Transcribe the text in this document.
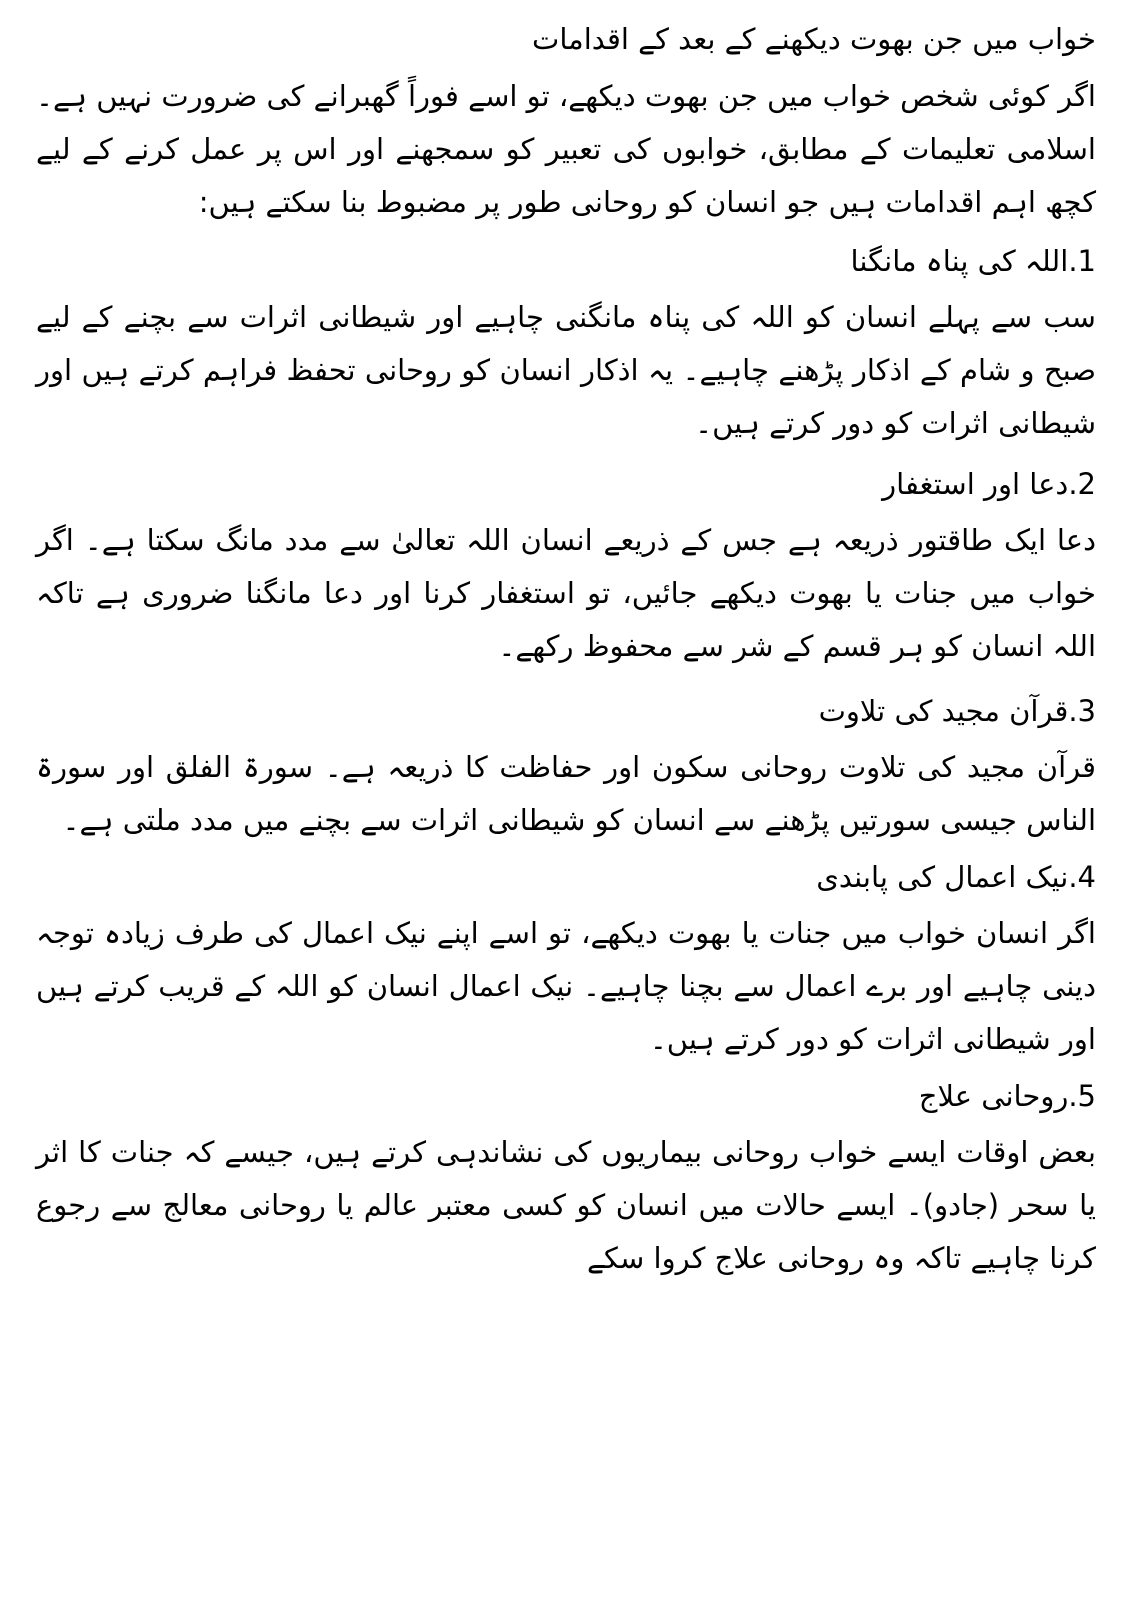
خواب میں جن بھوت دیکھنے کے بعد کے اقدامات

اگر کوئی شخص خواب میں جن بھوت دیکھے، تو اسے فوراً گھبرانے کی ضرورت نہیں ہے۔ اسلامی تعلیمات کے مطابق، خوابوں کی تعبیر کو سمجھنے اور اس پر عمل کرنے کے لیے کچھ اہم اقدامات ہیں جو انسان کو روحانی طور پر مضبوط بنا سکتے ہیں:

1.اللہ کی پناہ مانگنا

سب سے پہلے انسان کو اللہ کی پناہ مانگنی چاہیے اور شیطانی اثرات سے بچنے کے لیے صبح و شام کے اذکار پڑھنے چاہیے۔ یہ اذکار انسان کو روحانی تحفظ فراہم کرتے ہیں اور شیطانی اثرات کو دور کرتے ہیں۔

2.دعا اور استغفار

دعا ایک طاقتور ذریعہ ہے جس کے ذریعے انسان اللہ تعالیٰ سے مدد مانگ سکتا ہے۔ اگر خواب میں جنات یا بھوت دیکھے جائیں، تو استغفار کرنا اور دعا مانگنا ضروری ہے تاکہ اللہ انسان کو ہر قسم کے شر سے محفوظ رکھے۔

3.قرآن مجید کی تلاوت

قرآن مجید کی تلاوت روحانی سکون اور حفاظت کا ذریعہ ہے۔ سورۃ الفلق اور سورۃ الناس جیسی سورتیں پڑھنے سے انسان کو شیطانی اثرات سے بچنے میں مدد ملتی ہے۔

4.نیک اعمال کی پابندی

اگر انسان خواب میں جنات یا بھوت دیکھے، تو اسے اپنے نیک اعمال کی طرف زیادہ توجہ دینی چاہیے اور برے اعمال سے بچنا چاہیے۔ نیک اعمال انسان کو اللہ کے قریب کرتے ہیں اور شیطانی اثرات کو دور کرتے ہیں۔

5.روحانی علاج

بعض اوقات ایسے خواب روحانی بیماریوں کی نشاندہی کرتے ہیں، جیسے کہ جنات کا اثر یا سحر (جادو)۔ ایسے حالات میں انسان کو کسی معتبر عالم یا روحانی معالج سے رجوع کرنا چاہیے تاکہ وہ روحانی علاج کروا سکے
